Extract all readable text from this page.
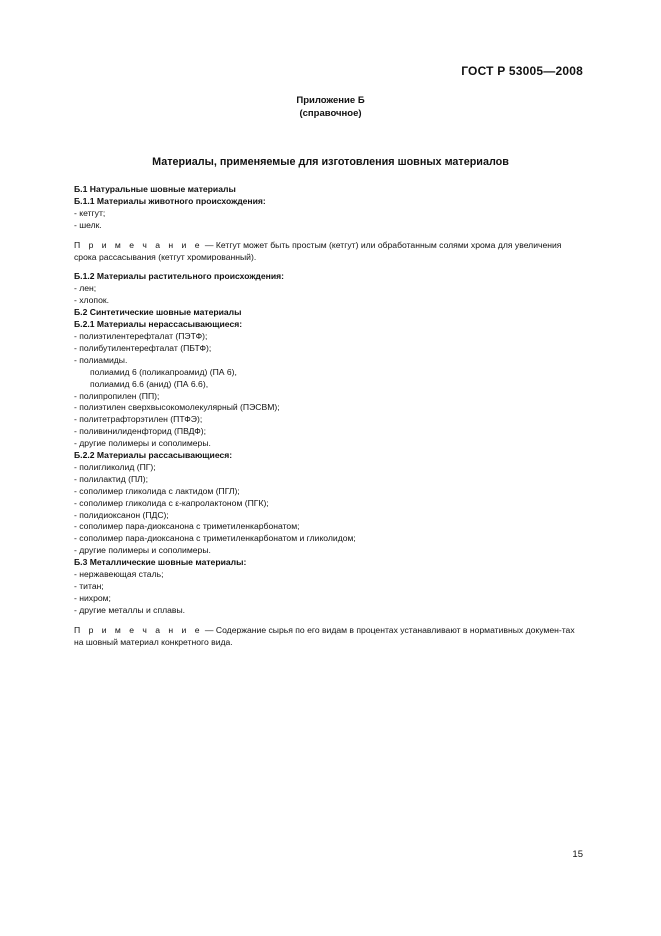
ГОСТ Р 53005—2008
Приложение Б
(справочное)
Материалы, применяемые для изготовления шовных материалов
Б.1 Натуральные шовные материалы
Б.1.1 Материалы животного происхождения:
- кетгут;
- шелк.
П р и м е ч а н и е — Кетгут может быть простым (кетгут) или обработанным солями хрома для увеличения срока рассасывания (кетгут хромированный).
Б.1.2 Материалы растительного происхождения:
- лен;
- хлопок.
Б.2 Синтетические шовные материалы
Б.2.1 Материалы нерассасывающиеся:
- полиэтилентерефталат (ПЭТФ);
- полибутилентерефталат (ПБТФ);
- полиамиды.
полиамид 6 (поликапроамид) (ПА 6),
полиамид 6.6 (анид) (ПА 6.6),
- полипропилен (ПП);
- полиэтилен сверхвысокомолекулярный (ПЭСВМ);
- политетрафторэтилен (ПТФЭ);
- поливинилиденфторид (ПВДФ);
- другие полимеры и сополимеры.
Б.2.2 Материалы рассасывающиеся:
- полигликолид (ПГ);
- полилактид (ПЛ);
- сополимер гликолида с лактидом (ПГЛ);
- сополимер гликолида с ε-капролактоном (ПГК);
- полидиоксанон (ПДС);
- сополимер пара-диоксанона с триметиленкарбонатом;
- сополимер пара-диоксанона с триметиленкарбонатом и гликолидом;
- другие полимеры и сополимеры.
Б.3 Металлические шовные материалы:
- нержавеющая сталь;
- титан;
- нихром;
- другие металлы и сплавы.
П р и м е ч а н и е — Содержание сырья по его видам в процентах устанавливают в нормативных докумен-тах на шовный материал конкретного вида.
15
